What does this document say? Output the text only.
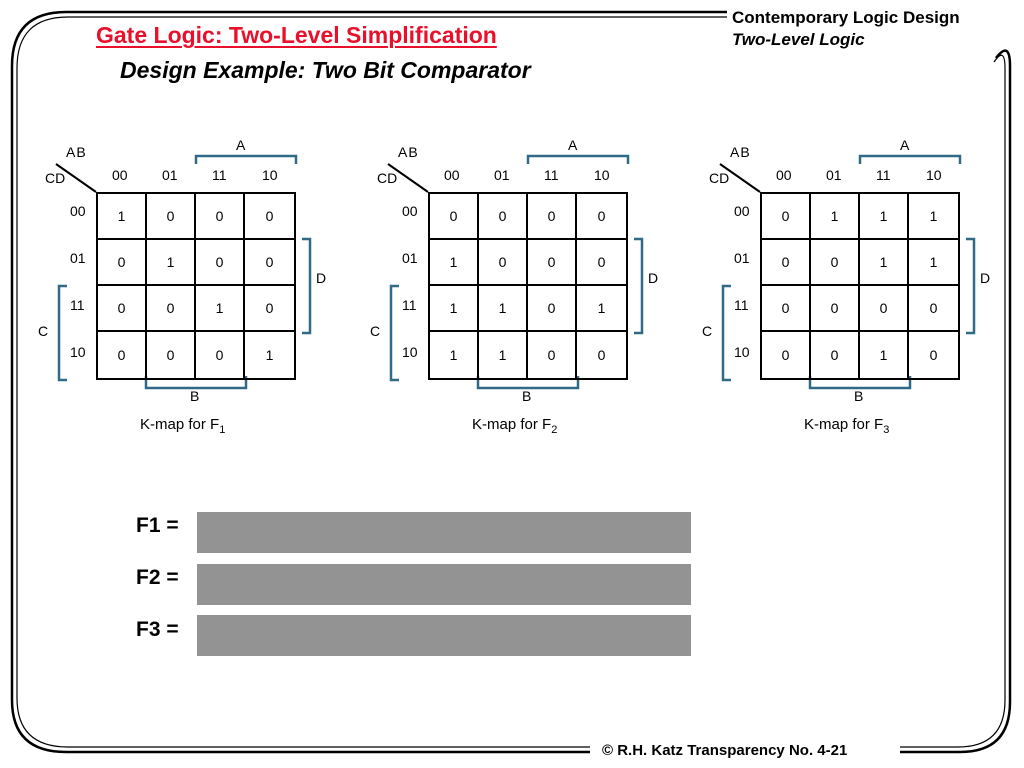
Gate Logic: Two-Level Simplification
Design Example: Two Bit Comparator
Contemporary Logic Design
Two-Level Logic
AB
CD	00
00
01
01
11
11
10
10
A
D
C
B
1	0	0	0
0	1	0	0
0	0	1	0
0	0	0	1
K-map for $F_1$
AB
CD	00
00
01
01
11
11
10
10
A
D
C
B
0	0	0	0
1	0	0	0
1	1	0	1
1	1	0	0
K-map for $F_2$
AB
CD	00
00
01
01
11
11
10
10
A
D
C
B
0	1	1	1
0	0	1	1
0	0	0	0
0	0	1	0
K-map for $F_3$
F1 =
F2 =
F3 =
© R.H. Katz Transparency No. 4-21
